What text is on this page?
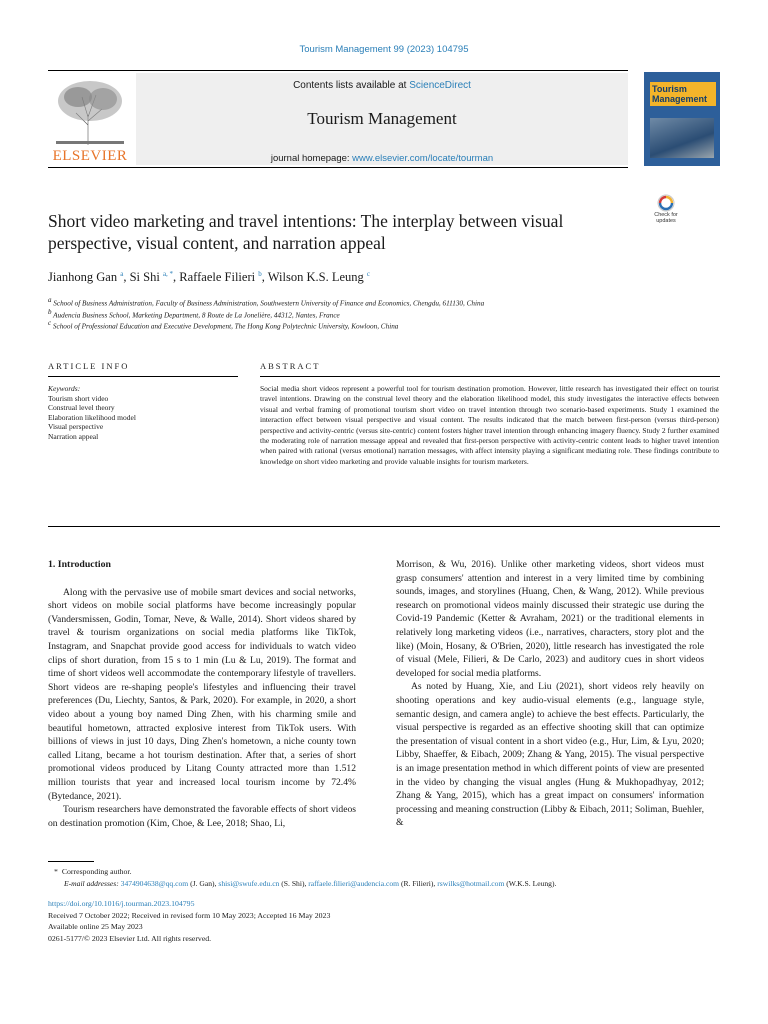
Tourism Management 99 (2023) 104795
ELSEVIER
Contents lists available at ScienceDirect
Tourism Management
journal homepage: www.elsevier.com/locate/tourman
Tourism Management
Short video marketing and travel intentions: The interplay between visual perspective, visual content, and narration appeal
Check for updates
Jianhong Gan $^a$, Si Shi $^{a, *}$, Raffaele Filieri $^b$, Wilson K.S. Leung $^c$
$^a$ School of Business Administration, Faculty of Business Administration, Southwestern University of Finance and Economics, Chengdu, 611130, China
$^b$ Audencia Business School, Marketing Department, 8 Route de La Jonelière, 44312, Nantes, France
$^c$ School of Professional Education and Executive Development, The Hong Kong Polytechnic University, Kowloon, China
ARTICLE INFO	ABSTRACT
Keywords:
Tourism short video
Construal level theory
Elaboration likelihood model
Visual perspective
Narration appeal
Social media short videos represent a powerful tool for tourism destination promotion. However, little research has investigated their effect on tourist travel intentions. Drawing on the construal level theory and the elaboration likelihood model, this study investigates the interactive effects between visual and verbal framing of promotional tourism short video on travel intention through two scenario-based experiments. Study 1 examined the interaction effect between visual perspective and visual content. The results indicated that the match between first-person (versus third-person) perspective and activity-centric (versus site-centric) content fosters higher travel intention through enhancing imagery fluency. Study 2 further examined the moderating role of narration message appeal and revealed that first-person perspective with activity-centric content leads to higher travel intention when paired with rational (versus emotional) narration messages, with affect intensity playing a significant mediating role. These findings contribute to knowledge on short video marketing and provide valuable insights for tourism marketers.

1. Introduction

Along with the pervasive use of mobile smart devices and social networks, short videos on mobile social platforms have become increasingly popular (Vandersmissen, Godin, Tomar, Neve, & Walle, 2014). Short videos shared by travel & tourism organizations on social media platforms like TikTok, Instagram, and Snapchat provide good access for individuals to watch video clips of short duration, from 15 s to 1 min (Lu & Lu, 2019). The format and time of short videos well accommodate the contemporary lifestyle of travellers. Short videos are re-shaping people's lifestyles and influencing their travel preferences (Du, Liechty, Santos, & Park, 2020). For example, in 2020, a short video about a young boy named Ding Zhen, with his charming smile and beautiful hometown, attracted explosive interest from TikTok users. With billions of views in just 10 days, Ding Zhen's hometown, a niche county town called Litang, became a hot tourism destination. After that, a series of short promotional videos produced by Litang County attracted more than 1.512 million tourists that year and increased local tourism income by 72.4% (Bytedance, 2021).

Tourism researchers have demonstrated the favorable effects of short videos on destination promotion (Kim, Choe, & Lee, 2018; Shao, Li,

Morrison, & Wu, 2016). Unlike other marketing videos, short videos must grasp consumers' attention and interest in a very limited time by combining sounds, images, and storylines (Huang, Chen, & Wang, 2012). While previous research on promotional videos mainly discussed their strategic use during the Covid-19 Pandemic (Ketter & Avraham, 2021) or the traditional elements in relatively long marketing videos (i.e., narratives, characters, story plot and the like) (Moin, Hosany, & O'Brien, 2020), little research has investigated the role of visual (Mele, Filieri, & De Carlo, 2023) and auditory cues in short videos developed for social media platforms.

As noted by Huang, Xie, and Liu (2021), short videos rely heavily on shooting operations and key audio-visual elements (e.g., language style, semantic design, and camera angle) to achieve the best effects. Particularly, the visual perspective is regarded as an effective shooting skill that can optimize the presentation of visual content in a short video (e.g., Hur, Lim, & Lyu, 2020; Libby, Shaeffer, & Eibach, 2009; Zhang & Yang, 2015). The visual perspective is an image presentation method in which different points of view are presented in the video by changing the visual angles (Hung & Mukhopadhyay, 2012; Zhang & Yang, 2015), which has a great impact on consumers' information processing and meaning construction (Libby & Eibach, 2011; Soliman, Buehler, &

* Corresponding author.
E-mail addresses: 3474904638@qq.com (J. Gan), shisi@swufe.edu.cn (S. Shi), raffaele.filieri@audencia.com (R. Filieri), rswilks@hotmail.com (W.K.S. Leung).
https://doi.org/10.1016/j.tourman.2023.104795
Received 7 October 2022; Received in revised form 10 May 2023; Accepted 16 May 2023
Available online 25 May 2023
0261-5177/© 2023 Elsevier Ltd. All rights reserved.
